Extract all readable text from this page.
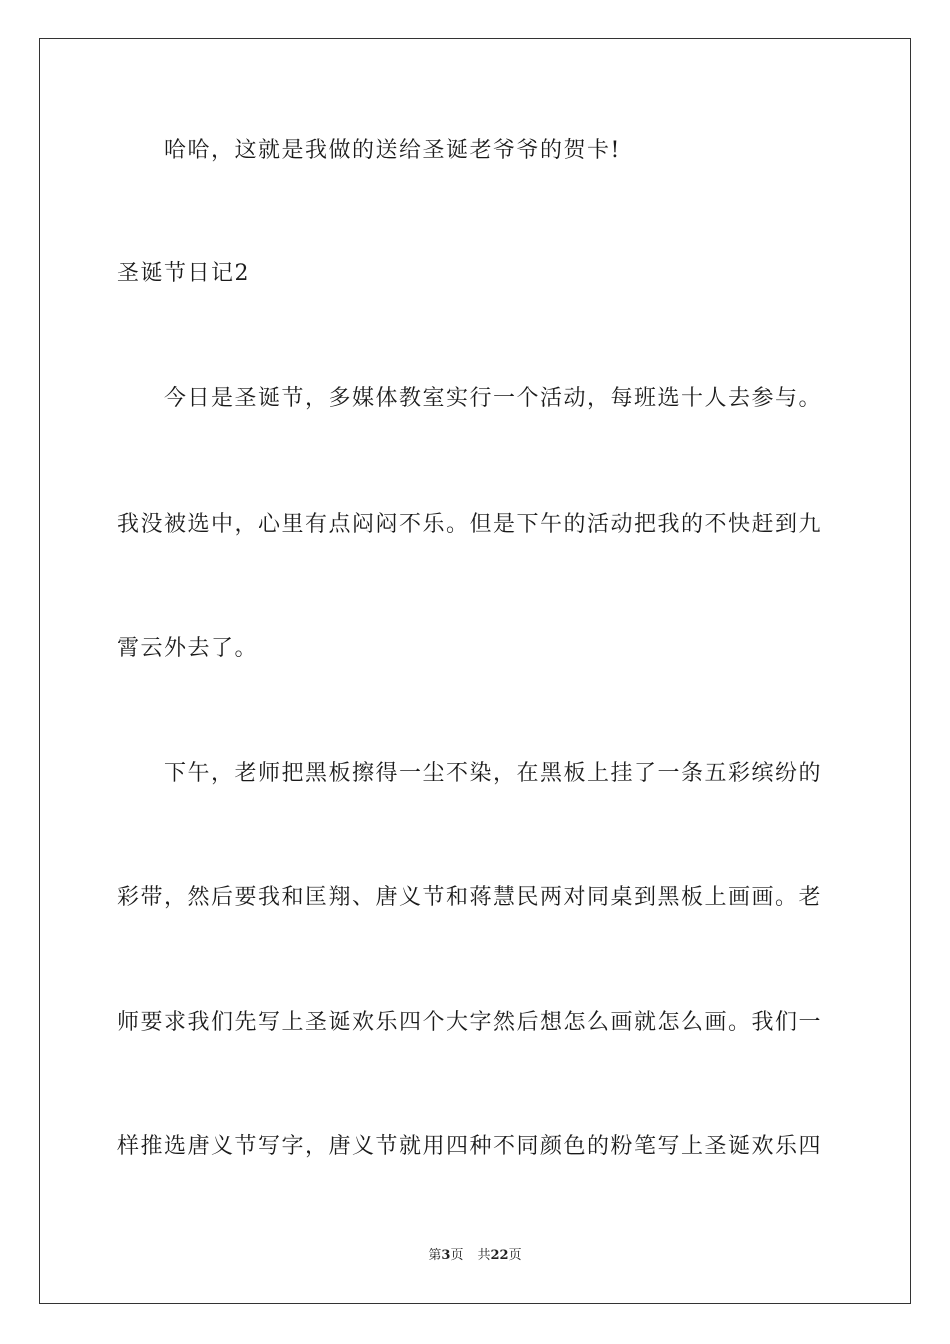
哈哈，这就是我做的送给圣诞老爷爷的贺卡!
圣诞节日记2
今日是圣诞节，多媒体教室实行一个活动，每班选十人去参与。
我没被选中，心里有点闷闷不乐。但是下午的活动把我的不快赶到九
霄云外去了。
下午，老师把黑板擦得一尘不染，在黑板上挂了一条五彩缤纷的
彩带，然后要我和匡翔、唐义节和蒋慧民两对同桌到黑板上画画。老
师要求我们先写上圣诞欢乐四个大字然后想怎么画就怎么画。我们一
样推选唐义节写字，唐义节就用四种不同颜色的粉笔写上圣诞欢乐四
第3页 共22页
